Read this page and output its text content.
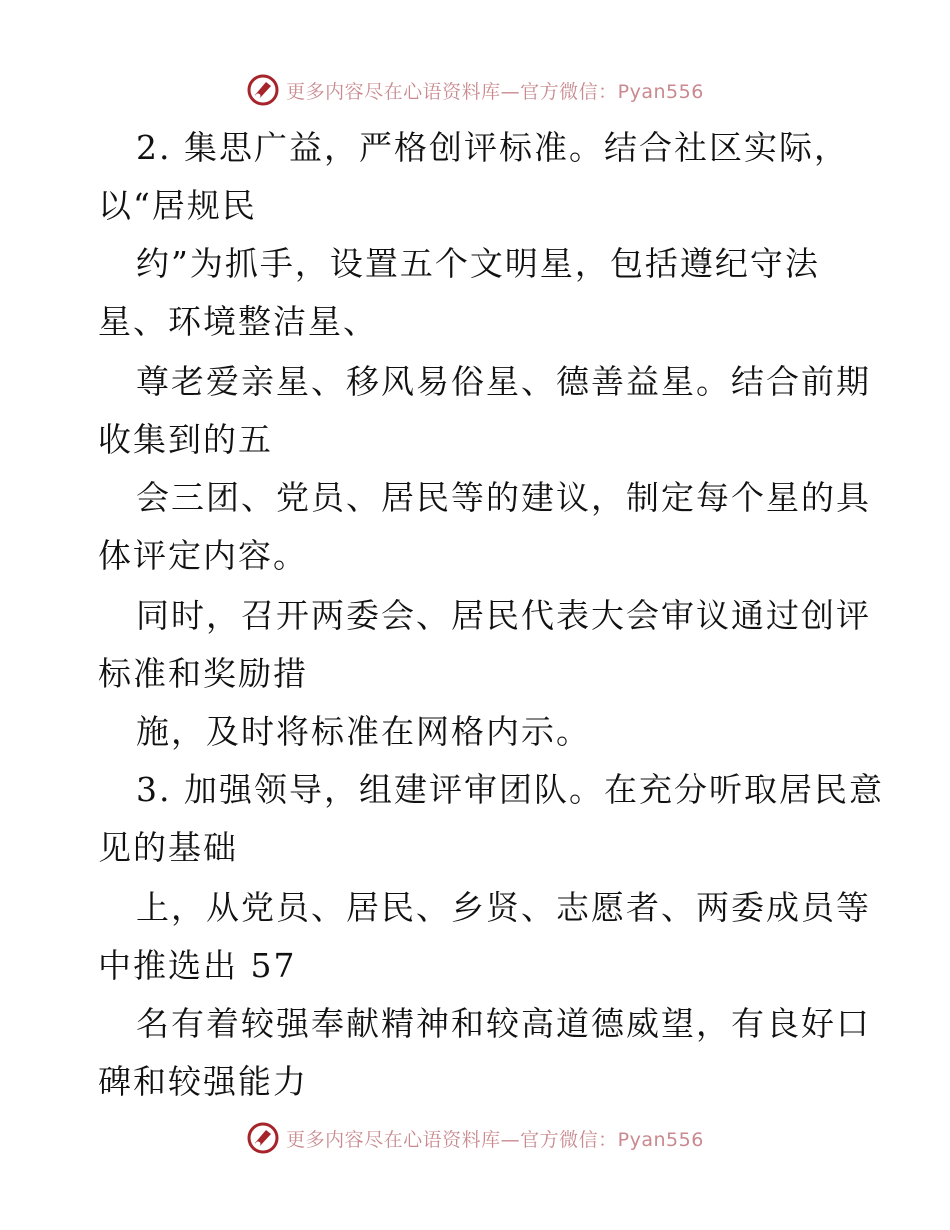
更多内容尽在心语资料库—官方微信：Pyan556
2. 集思广益，严格创评标准。结合社区实际，
以“居规民
约”为抓手，设置五个文明星，包括遵纪守法
星、环境整洁星、
尊老爱亲星、移风易俗星、德善益星。结合前期
收集到的五
会三团、党员、居民等的建议，制定每个星的具
体评定内容。
同时，召开两委会、居民代表大会审议通过创评
标准和奖励措
施，及时将标准在网格内示。
3. 加强领导，组建评审团队。在充分听取居民意
见的基础
上，从党员、居民、乡贤、志愿者、两委成员等
中推选出 57
名有着较强奉献精神和较高道德威望，有良好口
碑和较强能力
更多内容尽在心语资料库—官方微信：Pyan556
